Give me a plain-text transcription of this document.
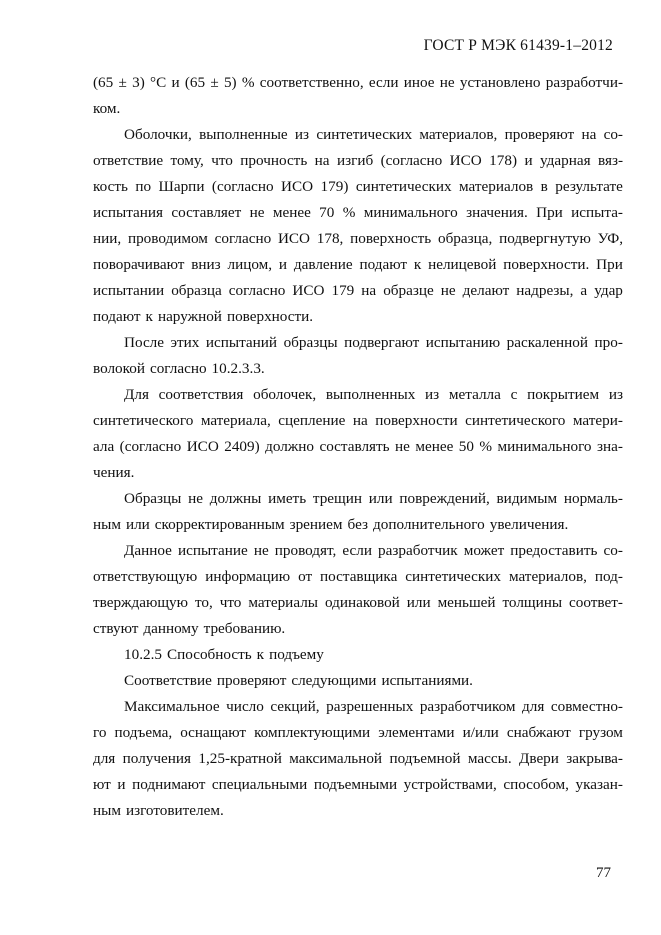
ГОСТ Р МЭК 61439-1–2012
(65 ± 3) °С и (65 ± 5) % соответственно, если иное не установлено разработчи-
ком.
Оболочки, выполненные из синтетических материалов, проверяют на со-
ответствие тому, что прочность на изгиб (согласно ИСО 178) и ударная вяз-
кость по Шарпи (согласно ИСО 179) синтетических материалов в результате
испытания составляет не менее 70 % минимального значения. При испыта-
нии, проводимом согласно ИСО 178, поверхность образца, подвергнутую УФ,
поворачивают вниз лицом, и давление подают к нелицевой поверхности. При
испытании образца согласно ИСО 179 на образце не делают надрезы, а удар
подают к наружной поверхности.
После этих испытаний образцы подвергают испытанию раскаленной про-
волокой согласно 10.2.3.3.
Для соответствия оболочек, выполненных из металла с покрытием из
синтетического материала, сцепление на поверхности синтетического матери-
ала (согласно ИСО 2409) должно составлять не менее 50 % минимального зна-
чения.
Образцы не должны иметь трещин или повреждений, видимым нормаль-
ным или скорректированным зрением без дополнительного увеличения.
Данное испытание не проводят, если разработчик может предоставить со-
ответствующую информацию от поставщика синтетических материалов, под-
тверждающую то, что материалы одинаковой или меньшей толщины соответ-
ствуют данному требованию.
10.2.5 Способность к подъему
Соответствие проверяют следующими испытаниями.
Максимальное число секций, разрешенных разработчиком для совместно-
го подъема, оснащают комплектующими элементами и/или снабжают грузом
для получения 1,25-кратной максимальной подъемной массы. Двери закрыва-
ют и поднимают специальными подъемными устройствами, способом, указан-
ным изготовителем.
77
